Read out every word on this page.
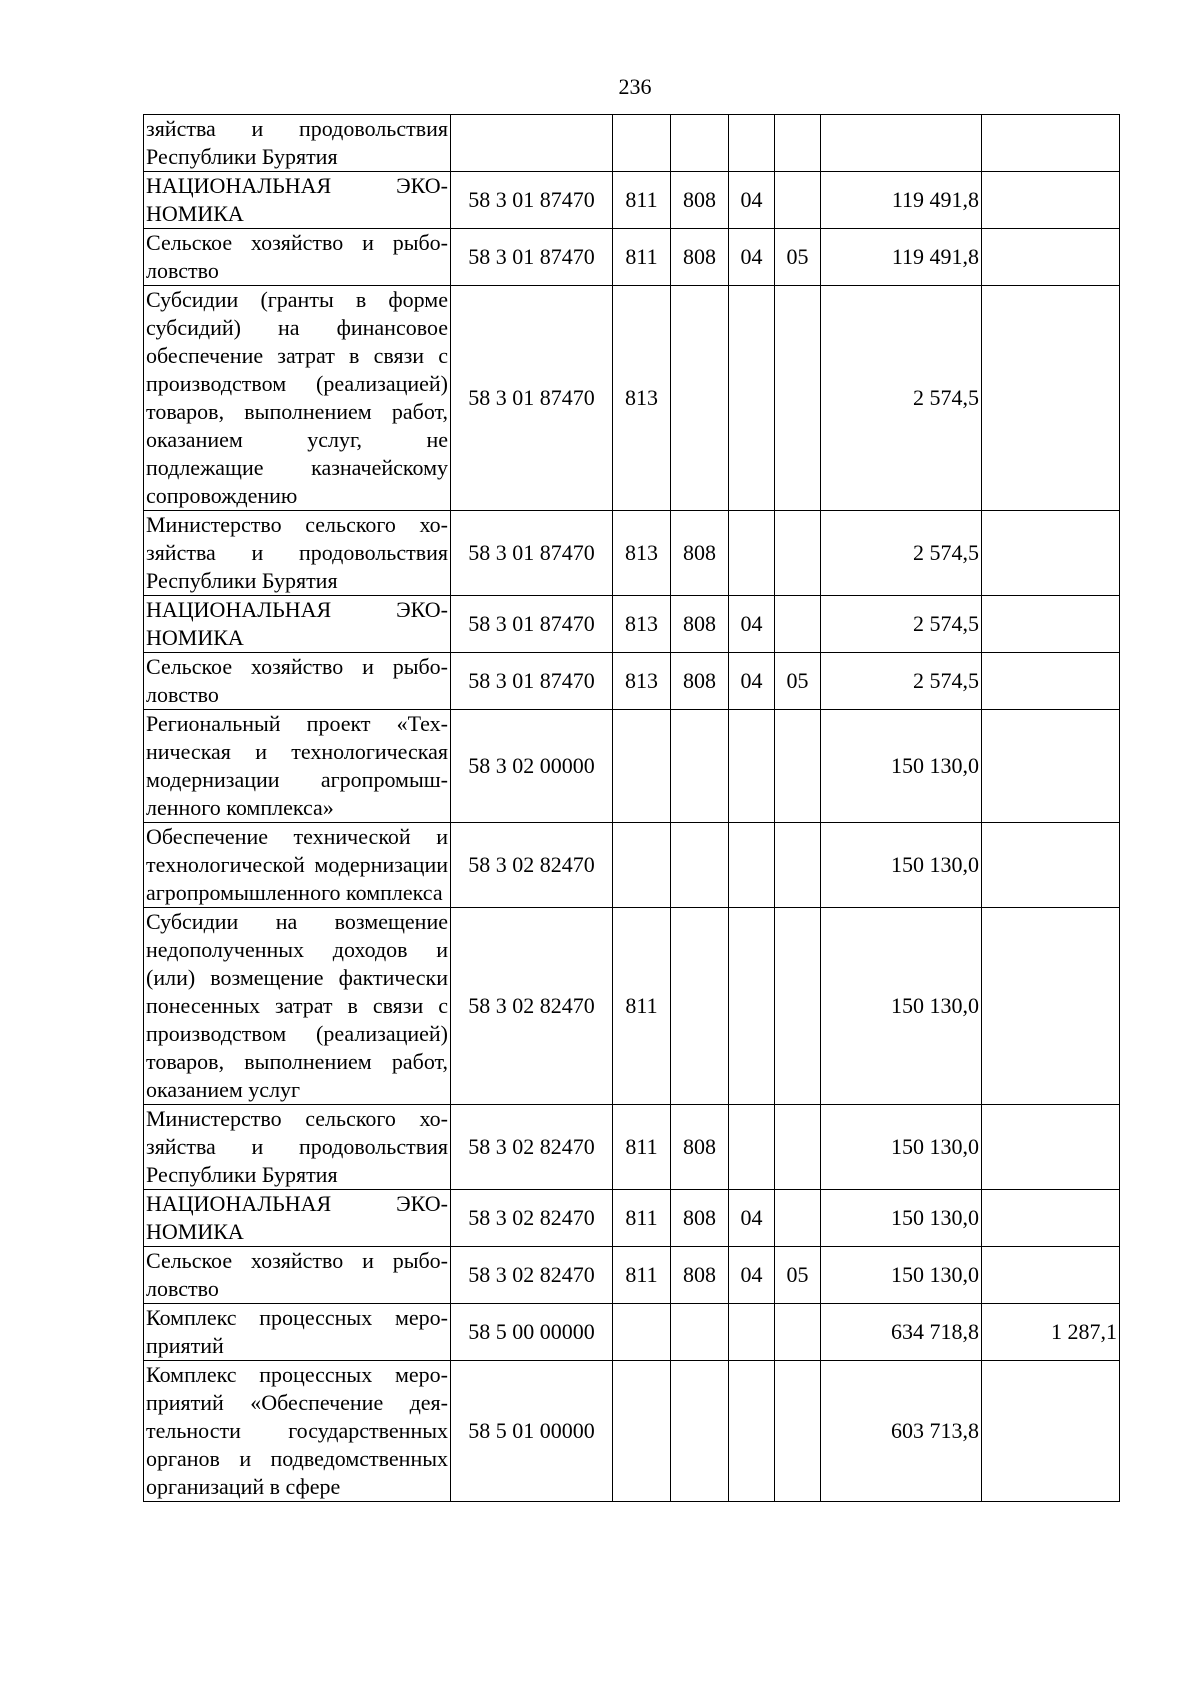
236
зяйства и продовольствия Республики Бурятия							
НАЦИОНАЛЬНАЯ ЭКОНОМИКА	58 3 01 87470	811	808	04		119 491,8	
Сельское хозяйство и рыболовство	58 3 01 87470	811	808	04	05	119 491,8	
Субсидии (гранты в форме субсидий) на финансовое обеспечение затрат в связи с производством (реализацией) товаров, выполнением работ, оказанием услуг, не подлежащие казначейскому сопровождению	58 3 01 87470	813				2 574,5	
Министерство сельского хозяйства и продовольствия Республики Бурятия	58 3 01 87470	813	808			2 574,5	
НАЦИОНАЛЬНАЯ ЭКОНОМИКА	58 3 01 87470	813	808	04		2 574,5	
Сельское хозяйство и рыболовство	58 3 01 87470	813	808	04	05	2 574,5	
Региональный проект «Техническая и технологическая модернизации агропромышленного комплекса»	58 3 02 00000					150 130,0	
Обеспечение технической и технологической модернизации агропромышленного комплекса	58 3 02 82470					150 130,0	
Субсидии на возмещение недополученных доходов и (или) возмещение фактически понесенных затрат в связи с производством (реализацией) товаров, выполнением работ, оказанием услуг	58 3 02 82470	811				150 130,0	
Министерство сельского хозяйства и продовольствия Республики Бурятия	58 3 02 82470	811	808			150 130,0	
НАЦИОНАЛЬНАЯ ЭКОНОМИКА	58 3 02 82470	811	808	04		150 130,0	
Сельское хозяйство и рыболовство	58 3 02 82470	811	808	04	05	150 130,0	
Комплекс процессных мероприятий	58 5 00 00000					634 718,8	1 287,1
Комплекс процессных мероприятий «Обеспечение деятельности государственных органов и подведомственных организаций в сфере	58 5 01 00000					603 713,8	
